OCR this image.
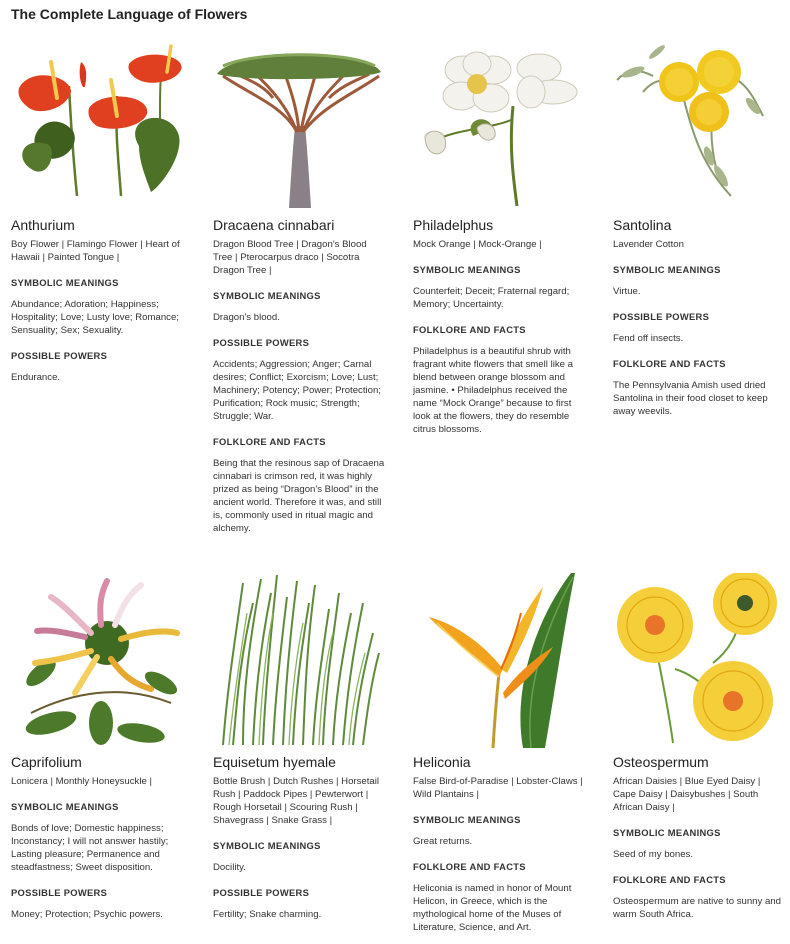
The Complete Language of Flowers
Anthurium
Boy Flower | Flamingo Flower | Heart of Hawaii | Painted Tongue |
SYMBOLIC MEANINGS
Abundance; Adoration; Happiness; Hospitality; Love; Lusty love; Romance; Sensuality; Sex; Sexuality.
POSSIBLE POWERS
Endurance.
Dracaena cinnabari
Dragon Blood Tree | Dragon's Blood Tree | Pterocarpus draco | Socotra Dragon Tree |
SYMBOLIC MEANINGS
Dragon's blood.
POSSIBLE POWERS
Accidents; Aggression; Anger; Carnal desires; Conflict; Exorcism; Love; Lust; Machinery; Potency; Power; Protection; Purification; Rock music; Strength; Struggle; War.
FOLKLORE AND FACTS
Being that the resinous sap of Dracaena cinnabari is crimson red, it was highly prized as being “Dragon's Blood” in the ancient world. Therefore it was, and still is, commonly used in ritual magic and alchemy.
Philadelphus
Mock Orange | Mock-Orange |
SYMBOLIC MEANINGS
Counterfeit; Deceit; Fraternal regard; Memory; Uncertainty.
FOLKLORE AND FACTS
Philadelphus is a beautiful shrub with fragrant white flowers that smell like a blend between orange blossom and jasmine. • Philadelphus received the name “Mock Orange” because to first look at the flowers, they do resemble citrus blossoms.
Santolina
Lavender Cotton
SYMBOLIC MEANINGS
Virtue.
POSSIBLE POWERS
Fend off insects.
FOLKLORE AND FACTS
The Pennsylvania Amish used dried Santolina in their food closet to keep away weevils.
Caprifolium
Lonicera | Monthly Honeysuckle |
SYMBOLIC MEANINGS
Bonds of love; Domestic happiness; Inconstancy; I will not answer hastily; Lasting pleasure; Permanence and steadfastness; Sweet disposition.
POSSIBLE POWERS
Money; Protection; Psychic powers.
Equisetum hyemale
Bottle Brush | Dutch Rushes | Horsetail Rush | Paddock Pipes | Pewterwort | Rough Horsetail | Scouring Rush | Shavegrass | Snake Grass |
SYMBOLIC MEANINGS
Docility.
POSSIBLE POWERS
Fertility; Snake charming.
Heliconia
False Bird-of-Paradise | Lobster-Claws | Wild Plantains |
SYMBOLIC MEANINGS
Great returns.
FOLKLORE AND FACTS
Heliconia is named in honor of Mount Helicon, in Greece, which is the mythological home of the Muses of Literature, Science, and Art.
Osteospermum
African Daisies | Blue Eyed Daisy | Cape Daisy | Daisybushes | South African Daisy |
SYMBOLIC MEANINGS
Seed of my bones.
FOLKLORE AND FACTS
Osteospermum are native to sunny and warm South Africa.
